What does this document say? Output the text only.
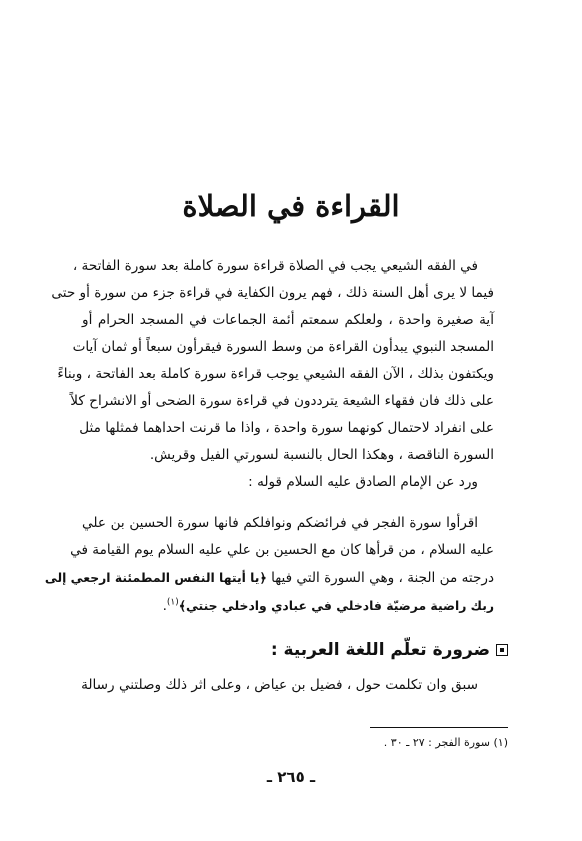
القراءة في الصلاة

في الفقه الشيعي يجب في الصلاة قراءة سورة كاملة بعد سورة الفاتحة ،
فيما لا يرى أهل السنة ذلك ، فهم يرون الكفاية في قراءة جزء من سورة أو حتى
آية صغيرة واحدة ، ولعلكم سمعتم أئمة الجماعات في المسجد الحرام أو
المسجد النبوي يبدأون القراءة من وسط السورة فيقرأون سبعاً أو ثمان آيات
ويكتفون بذلك ، الآن الفقه الشيعي يوجب قراءة سورة كاملة بعد الفاتحة ، وبناءً
على ذلك فان فقهاء الشيعة يترددون في قراءة سورة الضحى أو الانشراح كلاً
على انفراد لاحتمال كونهما سورة واحدة ، واذا ما قرنت احداهما فمثلها مثل
السورة الناقصة ، وهكذا الحال بالنسبة لسورتي الفيل وقريش.

ورد عن الإمام الصادق عليه السلام قوله :

اقرأوا سورة الفجر في فرائضكم ونوافلكم فانها سورة الحسين بن علي
عليه السلام ، من قرأها كان مع الحسين بن علي عليه السلام يوم القيامة في
درجته من الجنة ، وهي السورة التي فيها ﴿يا أيتها النفس المطمئنة ارجعي إلى
ربك راضية مرضيّة فادخلي في عبادي وادخلي جنتي﴾$^{(١)}$.

ضرورة تعلّم اللغة العربية :

سبق وان تكلمت حول ، فضيل بن عياض ، وعلى اثر ذلك وصلتني رسالة

(١) سورة الفجر : ٢٧ ـ ٣٠ .

ـ ٢٦٥ ـ
